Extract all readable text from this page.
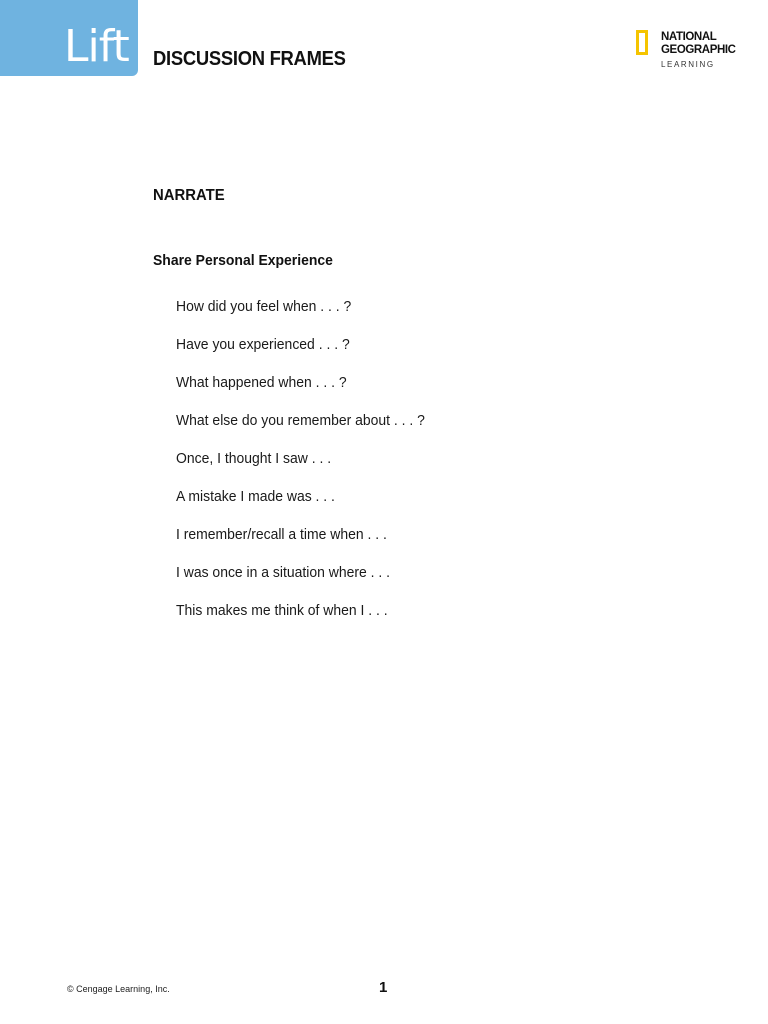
Lift DISCUSSION FRAMES
NATIONAL
GEOGRAPHIC
LEARNING
NARRATE
Share Personal Experience
How did you feel when . . . ?
Have you experienced . . . ?
What happened when . . . ?
What else do you remember about . . . ?
Once, I thought I saw . . .
A mistake I made was . . .
I remember/recall a time when . . .
I was once in a situation where . . .
This makes me think of when I . . .
© Cengage Learning, Inc.	1
